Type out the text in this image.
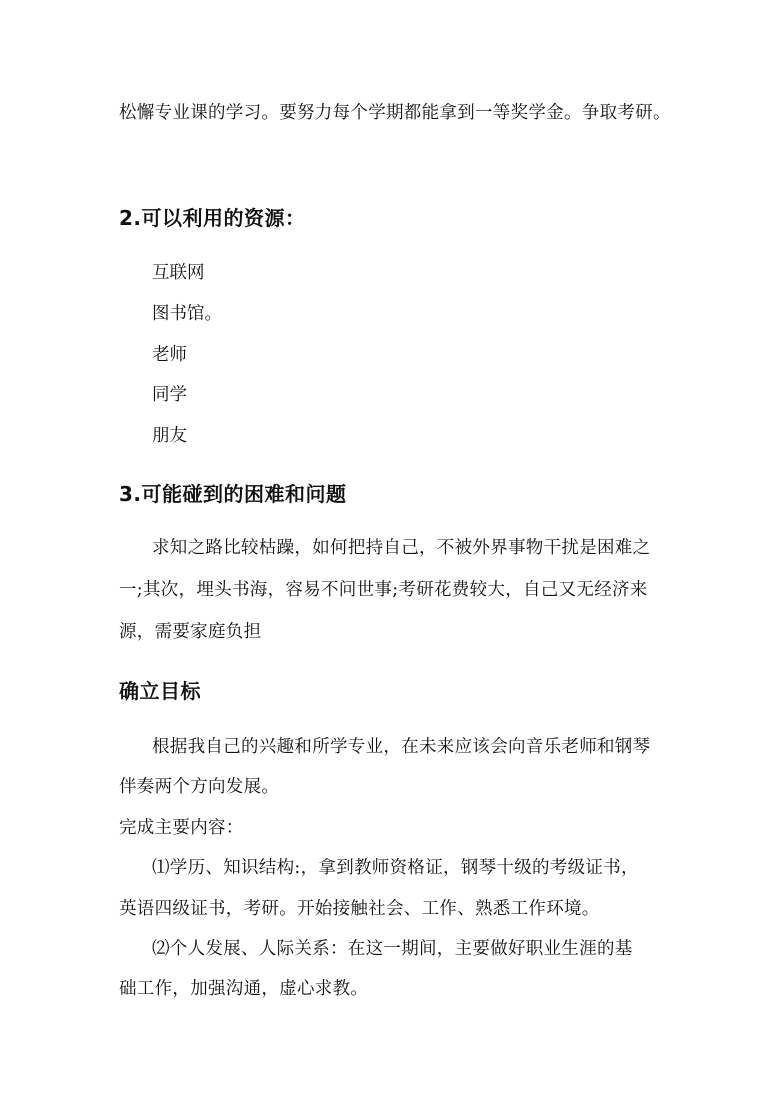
松懈专业课的学习。要努力每个学期都能拿到一等奖学金。争取考研。
2.可以利用的资源：
互联网
图书馆。
老师
同学
朋友
3.可能碰到的困难和问题
求知之路比较枯躁，如何把持自己，不被外界事物干扰是困难之
一;其次，埋头书海，容易不问世事;考研花费较大，自己又无经济来
源，需要家庭负担
确立目标
根据我自己的兴趣和所学专业，在未来应该会向音乐老师和钢琴
伴奏两个方向发展。
完成主要内容：
⑴学历、知识结构:，拿到教师资格证，钢琴十级的考级证书，
英语四级证书，考研。开始接触社会、工作、熟悉工作环境。
⑵个人发展、人际关系：在这一期间，主要做好职业生涯的基
础工作，加强沟通，虚心求教。
